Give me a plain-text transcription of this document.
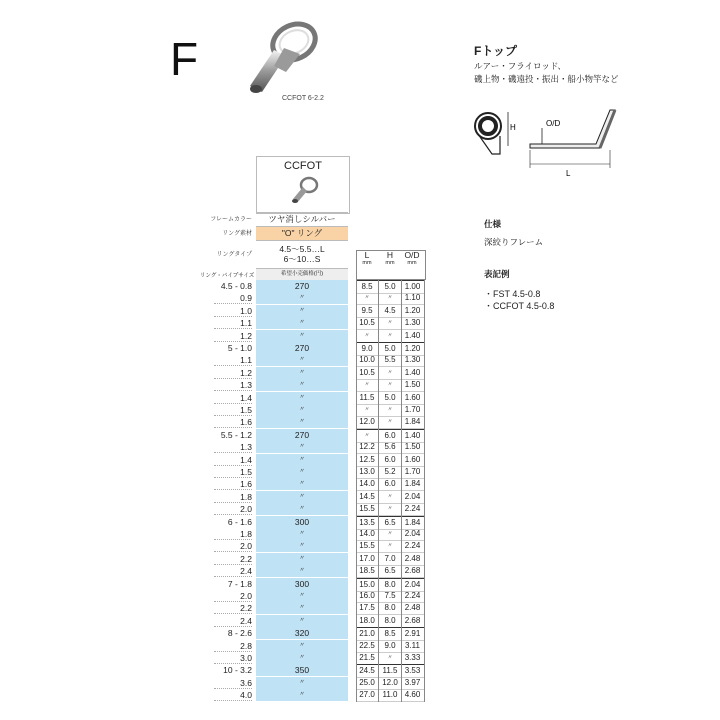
F
CCFOT 6-2.2
Fトップ
ルアー・フライロッド、
磯上物・磯遠投・振出・船小物竿など
H	O/D
L
仕様
深絞りフレーム
表記例
・FST 4.5-0.8
・CCFOT 4.5-0.8
CCFOT
フレームカラー	ツヤ消しシルバー
リング素材	"O" リング
リングタイプ
4.5〜5.5…L
6〜10…S	L
mm
H
mm
O/D
mm
リング・パイプサイズ	希望小売価格(円)
4.5 - 0.8	270	8.5	5.0	1.00
0.9	〃	〃	〃	1.10
1.0	〃	9.5	4.5	1.20
1.1	〃	10.5	〃	1.30
1.2	〃	〃	〃	1.40
5 - 1.0	270	9.0	5.0	1.20
1.1	〃	10.0	5.5	1.30
1.2	〃	10.5	〃	1.40
1.3	〃	〃	〃	1.50
1.4	〃	11.5	5.0	1.60
1.5	〃	〃	〃	1.70
1.6	〃	12.0	〃	1.84
5.5 - 1.2	270	〃	6.0	1.40
1.3	〃	12.2	5.6	1.50
1.4	〃	12.5	6.0	1.60
1.5	〃	13.0	5.2	1.70
1.6	〃	14.0	6.0	1.84
1.8	〃	14.5	〃	2.04
2.0	〃	15.5	〃	2.24
6 - 1.6	300	13.5	6.5	1.84
1.8	〃	14.0	〃	2.04
2.0	〃	15.5	〃	2.24
2.2	〃	17.0	7.0	2.48
2.4	〃	18.5	6.5	2.68
7 - 1.8	300	15.0	8.0	2.04
2.0	〃	16.0	7.5	2.24
2.2	〃	17.5	8.0	2.48
2.4	〃	18.0	8.0	2.68
8 - 2.6	320	21.0	8.5	2.91
2.8	〃	22.5	9.0	3.11
3.0	〃	21.5	〃	3.33
10 - 3.2	350	24.5 11.5 3.53
3.6	〃	25.0 12.0 3.97
4.0	〃	27.0 11.0 4.60
